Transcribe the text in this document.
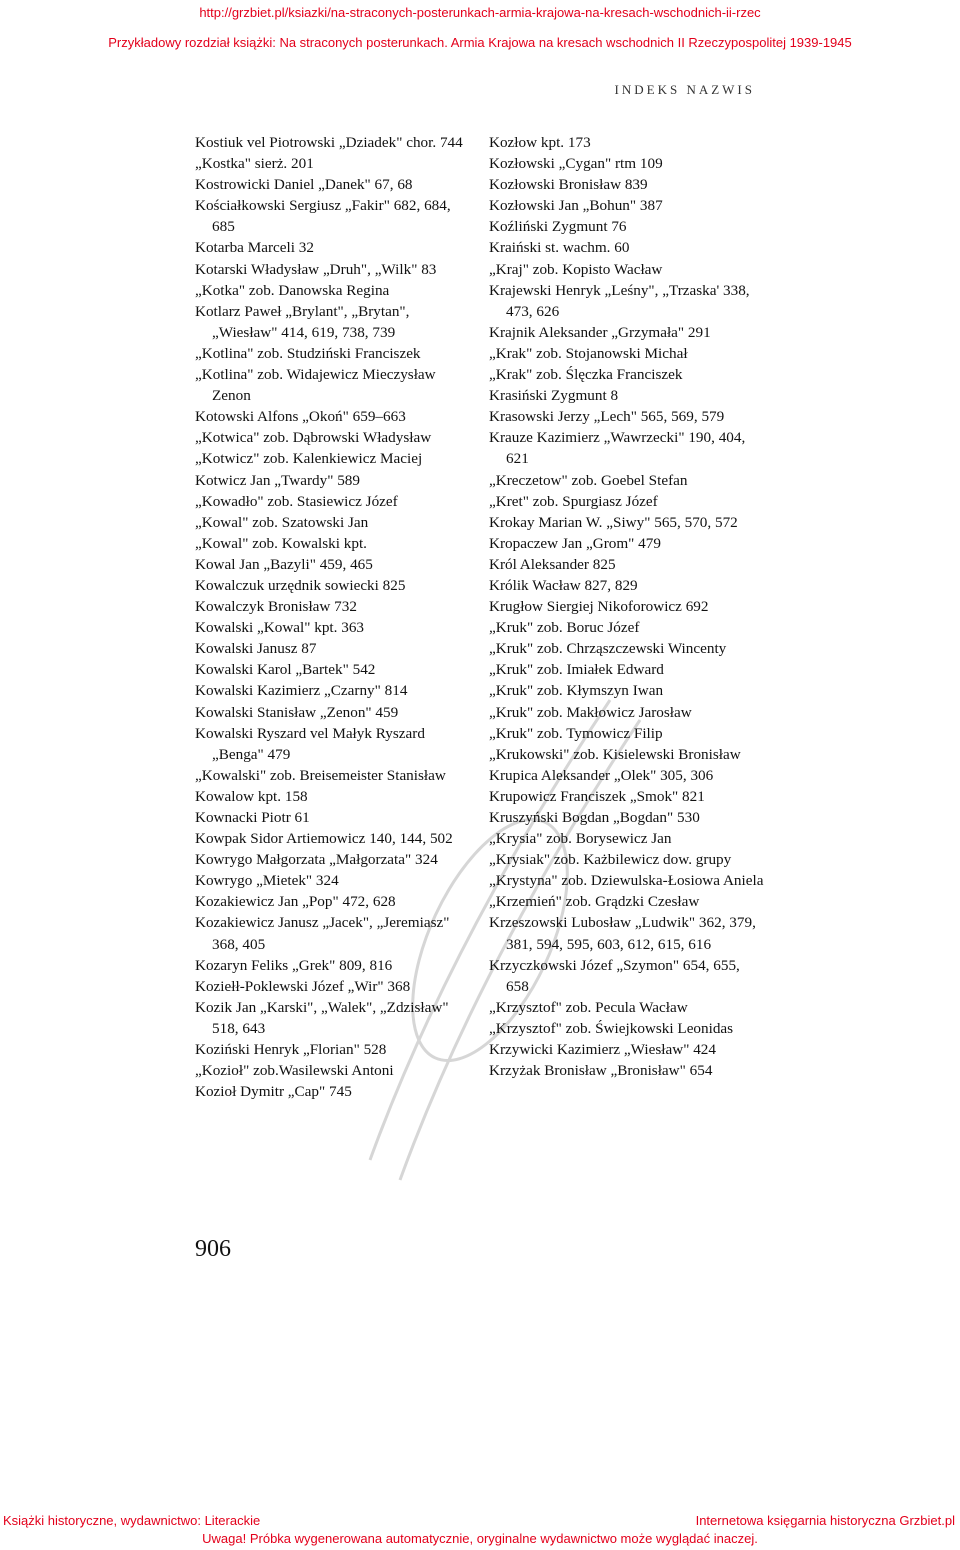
http://grzbiet.pl/ksiazki/na-straconych-posterunkach-armia-krajowa-na-kresach-wschodnich-ii-rzec
Przykładowy rozdział książki: Na straconych posterunkach. Armia Krajowa na kresach wschodnich II Rzeczypospolitej 1939-1945
INDEKS NAZWIS
Kostiuk vel Piotrowski „Dziadek" chor. 744
„Kostka" sierż. 201
Kostrowicki Daniel „Danek" 67, 68
Kościałkowski Sergiusz „Fakir" 682, 684, 685
Kotarba Marceli 32
Kotarski Władysław „Druh", „Wilk" 83
„Kotka" zob. Danowska Regina
Kotlarz Paweł „Brylant", „Brytan", „Wiesław" 414, 619, 738, 739
„Kotlina" zob. Studziński Franciszek
„Kotlina" zob. Widajewicz Mieczysław Zenon
Kotowski Alfons „Okoń" 659–663
„Kotwica" zob. Dąbrowski Władysław
„Kotwicz" zob. Kalenkiewicz Maciej
Kotwicz Jan „Twardy" 589
„Kowadło" zob. Stasiewicz Józef
„Kowal" zob. Szatowski Jan
„Kowal" zob. Kowalski kpt.
Kowal Jan „Bazyli" 459, 465
Kowalczuk urzędnik sowiecki 825
Kowalczyk Bronisław 732
Kowalski „Kowal" kpt. 363
Kowalski Janusz 87
Kowalski Karol „Bartek" 542
Kowalski Kazimierz „Czarny" 814
Kowalski Stanisław „Zenon" 459
Kowalski Ryszard vel Małyk Ryszard „Benga" 479
„Kowalski" zob. Breisemeister Stanisław
Kowalow kpt. 158
Kownacki Piotr 61
Kowpak Sidor Artiemowicz 140, 144, 502
Kowrygo Małgorzata „Małgorzata" 324
Kowrygo „Mietek" 324
Kozakiewicz Jan „Pop" 472, 628
Kozakiewicz Janusz „Jacek", „Jeremiasz" 368, 405
Kozaryn Feliks „Grek" 809, 816
Koziełł-Poklewski Józef „Wir" 368
Kozik Jan „Karski", „Walek", „Zdzisław" 518, 643
Koziński Henryk „Florian" 528
„Kozioł" zob.Wasilewski Antoni
Kozioł Dymitr „Cap" 745
Kozłow kpt. 173
Kozłowski „Cygan" rtm 109
Kozłowski Bronisław 839
Kozłowski Jan „Bohun" 387
Koźliński Zygmunt 76
Kraiński st. wachm. 60
„Kraj" zob. Kopisto Wacław
Krajewski Henryk „Leśny", „Trzaska' 338, 473, 626
Krajnik Aleksander „Grzymała" 291
„Krak" zob. Stojanowski Michał
„Krak" zob. Ślęczka Franciszek
Krasiński Zygmunt 8
Krasowski Jerzy „Lech" 565, 569, 579
Krauze Kazimierz „Wawrzecki" 190, 404, 621
„Kreczetow" zob. Goebel Stefan
„Kret" zob. Spurgiasz Józef
Krokay Marian W. „Siwy" 565, 570, 572
Kropaczew Jan „Grom" 479
Król Aleksander 825
Królik Wacław 827, 829
Krugłow Siergiej Nikoforowicz 692
„Kruk" zob. Boruc Józef
„Kruk" zob. Chrząszczewski Wincenty
„Kruk" zob. Imiałek Edward
„Kruk" zob. Kłymszyn Iwan
„Kruk" zob. Makłowicz Jarosław
„Kruk" zob. Tymowicz Filip
„Krukowski" zob. Kisielewski Bronisław
Krupica Aleksander „Olek" 305, 306
Krupowicz Franciszek „Smok" 821
Kruszyński Bogdan „Bogdan" 530
„Krysia" zob. Borysewicz Jan
„Krysiak" zob. Każbilewicz dow. grupy
„Krystyna" zob. Dziewulska-Łosiowa Aniela
„Krzemień" zob. Grądzki Czesław
Krzeszowski Lubosław „Ludwik" 362, 379, 381, 594, 595, 603, 612, 615, 616
Krzyczkowski Józef „Szymon" 654, 655, 658
„Krzysztof" zob. Pecula Wacław
„Krzysztof" zob. Świejkowski Leonidas
Krzywicki Kazimierz „Wiesław" 424
Krzyżak Bronisław „Bronisław" 654
906
Książki historyczne, wydawnictwo: Literackie	Internetowa księgarnia historyczna Grzbiet.pl
Uwaga! Próbka wygenerowana automatycznie, oryginalne wydawnictwo może wyglądać inaczej.
